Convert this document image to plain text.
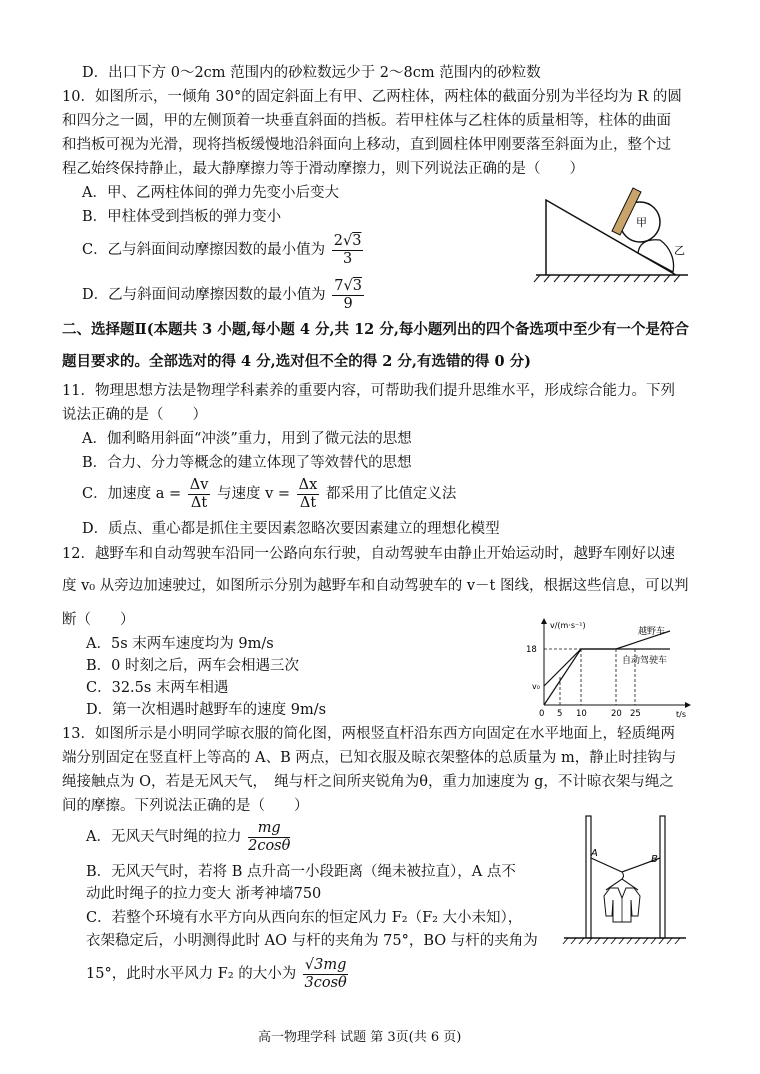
D．出口下方 0～2cm 范围内的砂粒数远少于 2～8cm 范围内的砂粒数
10．如图所示，一倾角 30°的固定斜面上有甲、乙两柱体，两柱体的截面分别为半径均为 R 的圆
和四分之一圆，甲的左侧顶着一块垂直斜面的挡板。若甲柱体与乙柱体的质量相等，柱体的曲面
和挡板可视为光滑，现将挡板缓慢地沿斜面向上移动，直到圆柱体甲刚要落至斜面为止，整个过
程乙始终保持静止，最大静摩擦力等于滑动摩擦力，则下列说法正确的是（　　）
A．甲、乙两柱体间的弹力先变小后变大
B．甲柱体受到挡板的弹力变小
C．乙与斜面间动摩擦因数的最小值为 $\frac{2√3}{3}$
D．乙与斜面间动摩擦因数的最小值为 $\frac{7√3}{9}$
甲
乙
二、选择题Ⅱ(本题共 3 小题,每小题 4 分,共 12 分,每小题列出的四个备选项中至少有一个是符合
题目要求的。全部选对的得 4 分,选对但不全的得 2 分,有选错的得 0 分)
11．物理思想方法是物理学科素养的重要内容，可帮助我们提升思维水平，形成综合能力。下列
说法正确的是（　　）
A．伽利略用斜面“冲淡”重力，用到了微元法的思想
B．合力、分力等概念的建立体现了等效替代的思想
C．加速度 $a = \frac{\Delta v}{\Delta t}$ 与速度 $v = \frac{\Delta x}{\Delta t}$ 都采用了比值定义法
D．质点、重心都是抓住主要因素忽略次要因素建立的理想化模型
12．越野车和自动驾驶车沿同一公路向东行驶，自动驾驶车由静止开始运动时，越野车刚好以速
度 v₀ 从旁边加速驶过，如图所示分别为越野车和自动驾驶车的 v－t 图线，根据这些信息，可以判
断（　　）
A．5s 末两车速度均为 9m/s
B．0 时刻之后，两车会相遇三次
C．32.5s 末两车相遇
D．第一次相遇时越野车的速度 9m/s
v/(m·s⁻¹)
t/s
18
v₀
0 5 10	20 25
越野车
自动驾驶车
13．如图所示是小明同学晾衣服的简化图，两根竖直杆沿东西方向固定在水平地面上，轻质绳两
端分别固定在竖直杆上等高的 A、B 两点，已知衣服及晾衣架整体的总质量为 m，静止时挂钩与
绳接触点为 O，若是无风天气，　绳与杆之间所夹锐角为θ，重力加速度为 g，不计晾衣架与绳之
间的摩擦。下列说法正确的是（　　）
A．无风天气时绳的拉力 $\frac{mg}{2\cos\theta}$
B．无风天气时，若将 B 点升高一小段距离（绳未被拉直），A 点不
动此时绳子的拉力变大 浙考神墙750
C．若整个环境有水平方向从西向东的恒定风力 F₂（F₂ 大小未知），
衣架稳定后，小明测得此时 AO 与杆的夹角为 75°，BO 与杆的夹角为
15°，此时水平风力 F₂ 的大小为 $\frac{√3mg}{3\cos\theta}$
A
B
高一物理学科 试题 第 3页(共 6 页)
